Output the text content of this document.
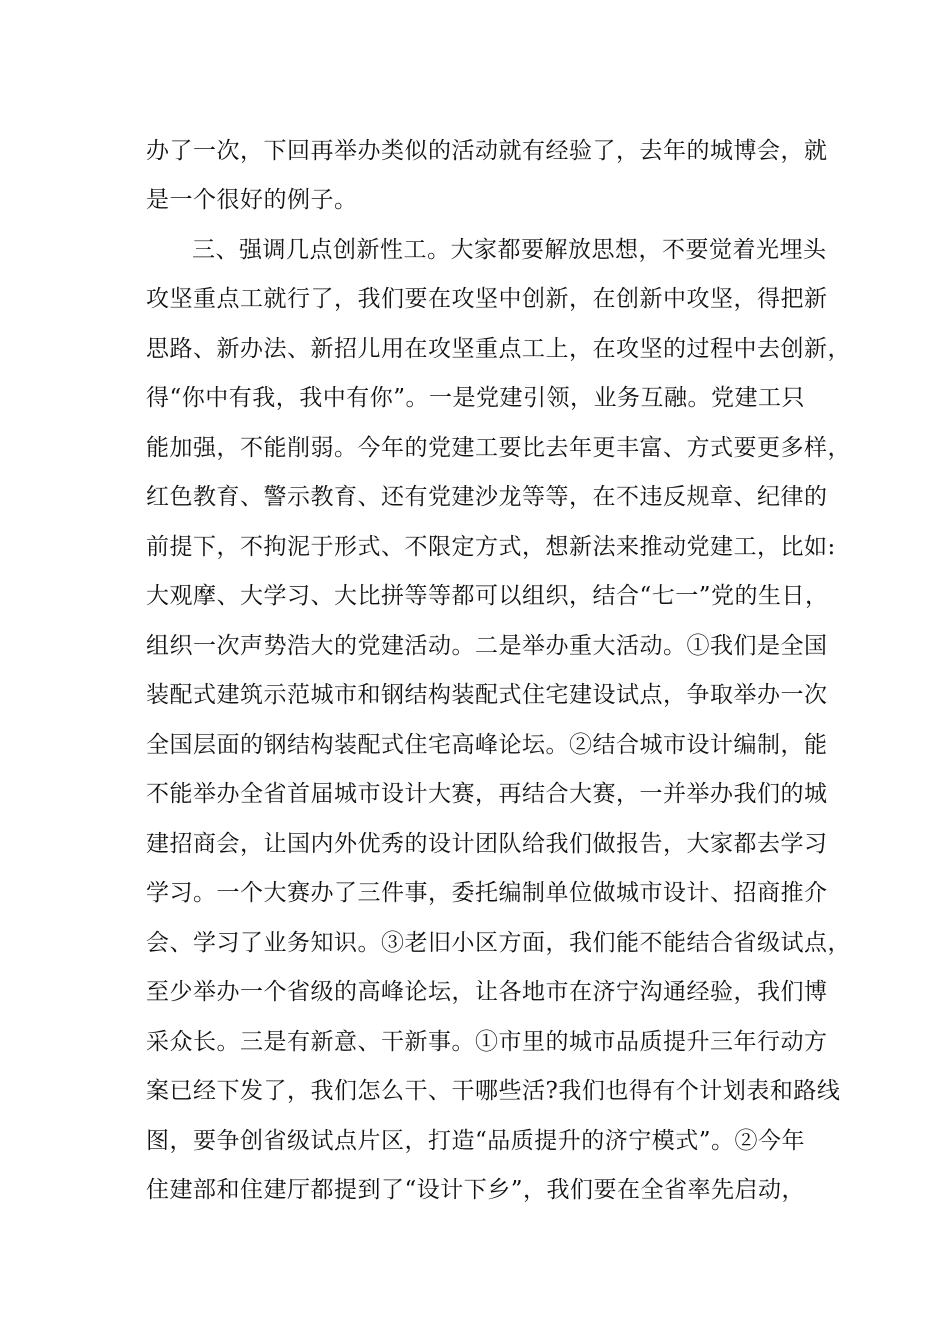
办了一次，下回再举办类似的活动就有经验了，去年的城博会，就
是一个很好的例子。
三、强调几点创新性工。大家都要解放思想，不要觉着光埋头
攻坚重点工就行了，我们要在攻坚中创新，在创新中攻坚，得把新
思路、新办法、新招儿用在攻坚重点工上，在攻坚的过程中去创新，
得“你中有我，我中有你”。一是党建引领，业务互融。党建工只
能加强，不能削弱。今年的党建工要比去年更丰富、方式要更多样，
红色教育、警示教育、还有党建沙龙等等，在不违反规章、纪律的
前提下，不拘泥于形式、不限定方式，想新法来推动党建工，比如:
大观摩、大学习、大比拼等等都可以组织，结合“七一”党的生日，
组织一次声势浩大的党建活动。二是举办重大活动。①我们是全国
装配式建筑示范城市和钢结构装配式住宅建设试点，争取举办一次
全国层面的钢结构装配式住宅高峰论坛。②结合城市设计编制，能
不能举办全省首届城市设计大赛，再结合大赛，一并举办我们的城
建招商会，让国内外优秀的设计团队给我们做报告，大家都去学习
学习。一个大赛办了三件事，委托编制单位做城市设计、招商推介
会、学习了业务知识。③老旧小区方面，我们能不能结合省级试点，
至少举办一个省级的高峰论坛，让各地市在济宁沟通经验，我们博
采众长。三是有新意、干新事。①市里的城市品质提升三年行动方
案已经下发了，我们怎么干、干哪些活?我们也得有个计划表和路线
图，要争创省级试点片区，打造“品质提升的济宁模式”。②今年
住建部和住建厅都提到了“设计下乡”，我们要在全省率先启动，
